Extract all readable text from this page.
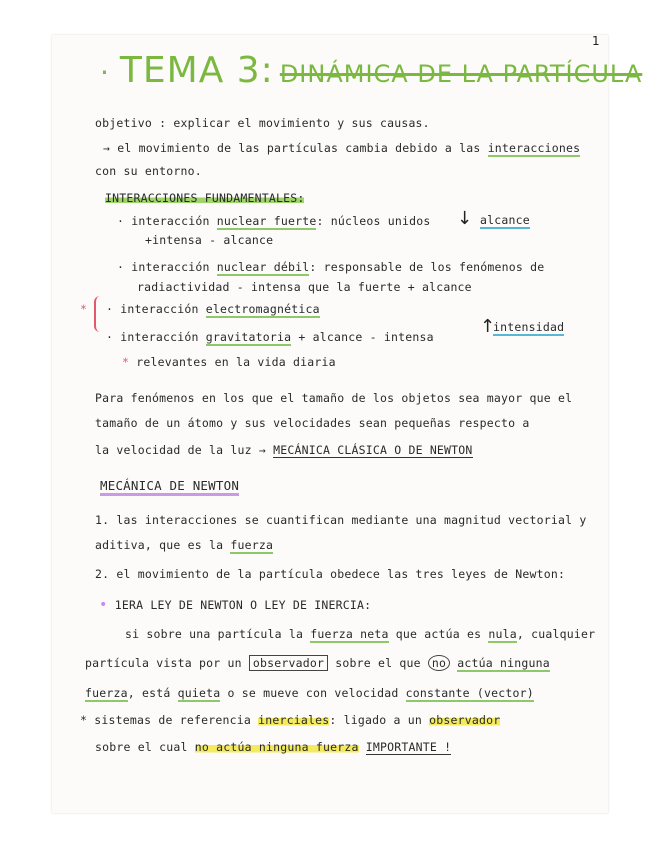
1
· TEMA 3: DINÁMICA DE LA PARTÍCULA
objetivo : explicar el movimiento y sus causas.
→ el movimiento de las partículas cambia debido a las interacciones
con su entorno.
INTERACCIONES FUNDAMENTALES:
· interacción nuclear fuerte: núcleos unidos ↓ alcance
+intensa - alcance
· interacción nuclear débil: responsable de los fenómenos de
radiactividad - intensa que la fuerte + alcance
* · interacción electromagnética
· interacción gravitatoria + alcance - intensa	↑
intensidad
* relevantes en la vida diaria
Para fenómenos en los que el tamaño de los objetos sea mayor que el
tamaño de un átomo y sus velocidades sean pequeñas respecto a
la velocidad de la luz → MECÁNICA CLÁSICA O DE NEWTON
MECÁNICA DE NEWTON
1. las interacciones se cuantifican mediante una magnitud vectorial y
aditiva, que es la fuerza
2. el movimiento de la partícula obedece las tres leyes de Newton:
• 1ERA LEY DE NEWTON O LEY DE INERCIA:
si sobre una partícula la fuerza neta que actúa es nula, cualquier
partícula vista por un observador sobre el que no actúa ninguna
fuerza, está quieta o se mueve con velocidad constante (vector)
* sistemas de referencia inerciales: ligado a un observador
sobre el cual no actúa ninguna fuerza IMPORTANTE !
